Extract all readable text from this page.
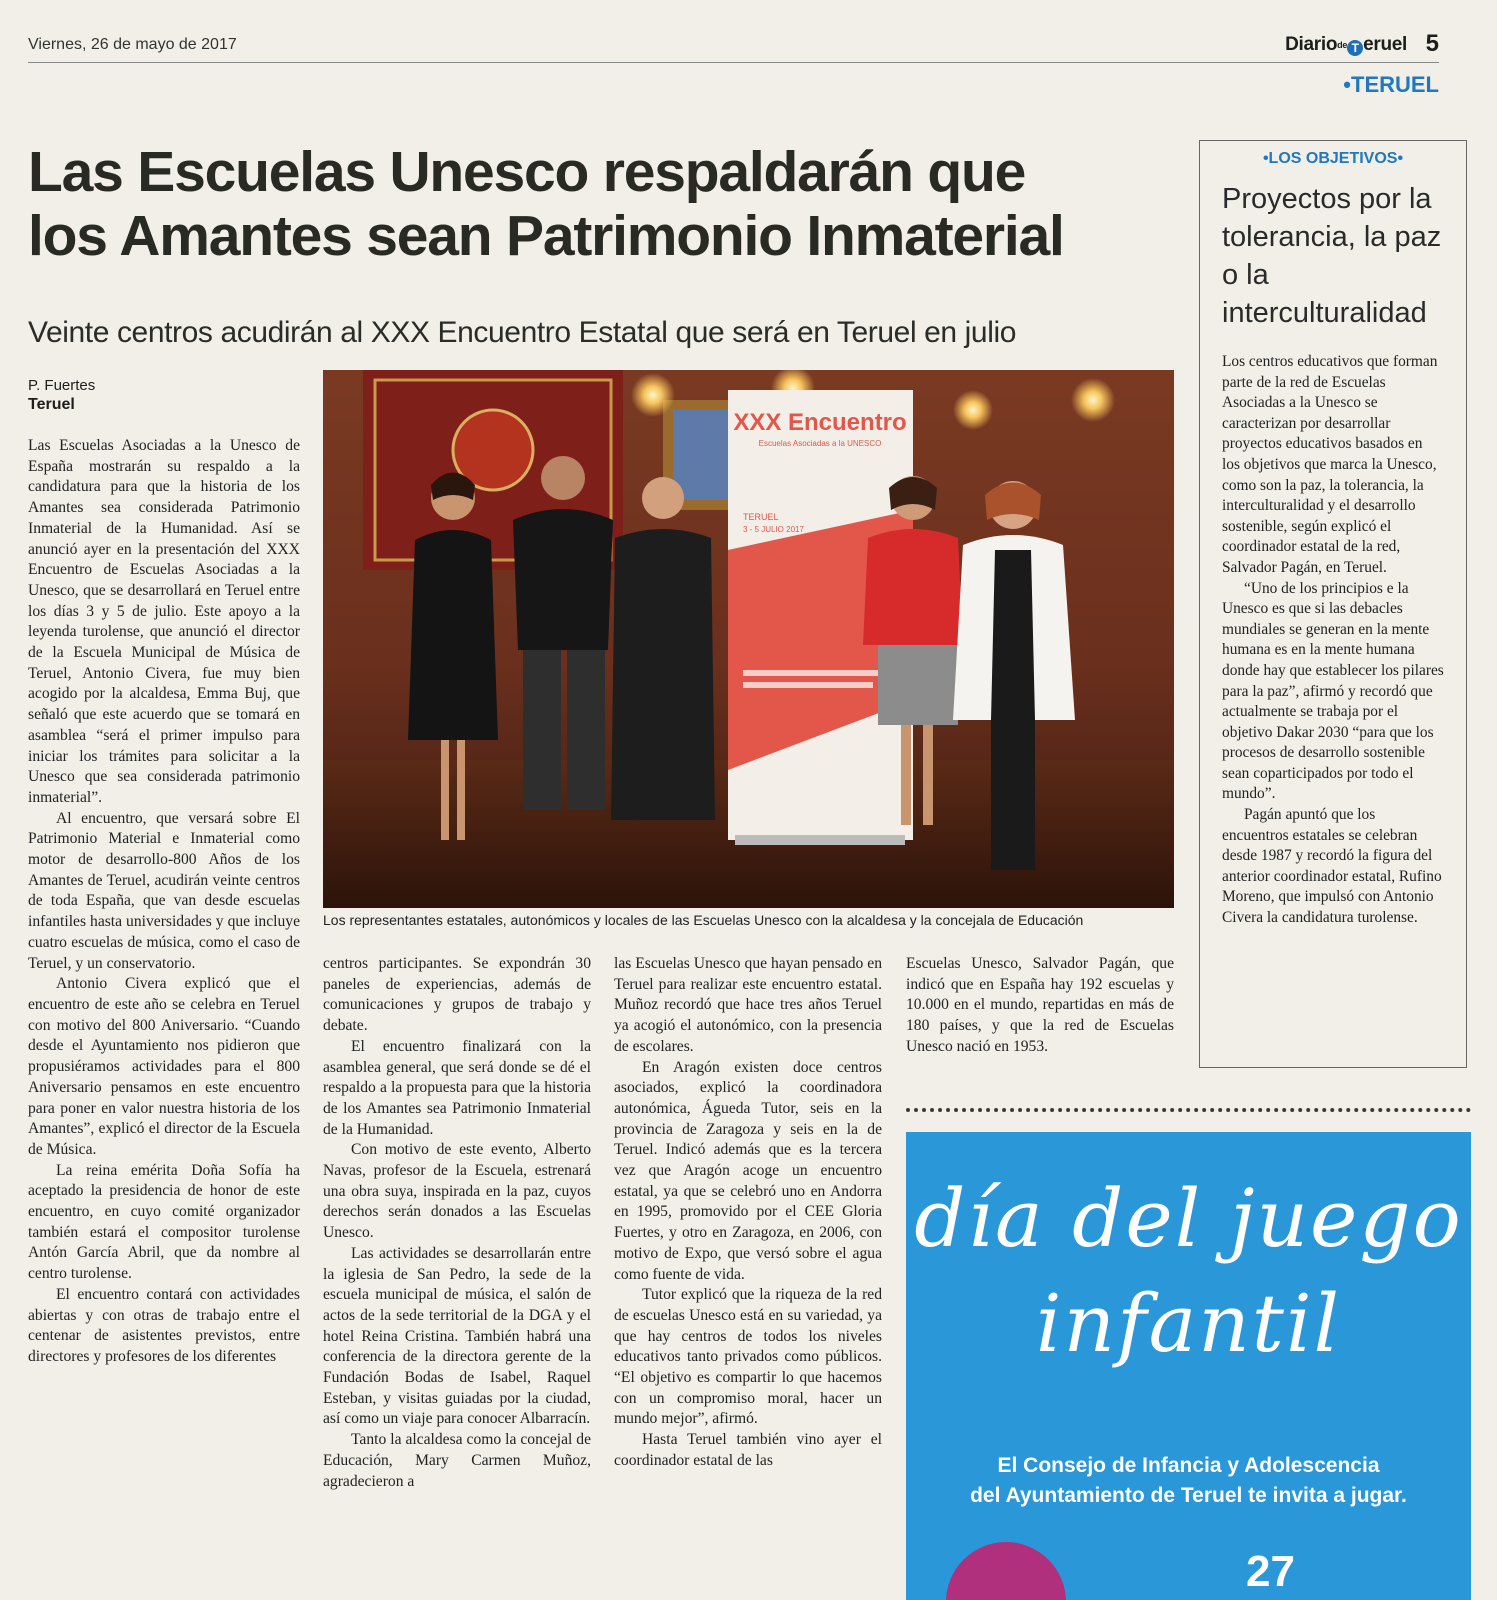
Viernes, 26 de mayo de 2017	Diariode T eruel 5
•TERUEL
Las Escuelas Unesco respaldarán que
los Amantes sean Patrimonio Inmaterial
Veinte centros acudirán al XXX Encuentro Estatal que será en Teruel en julio
P. Fuertes
Teruel
XXX Encuentro
Escuelas Asociadas a la UNESCO
TERUEL
3 - 5 JULIO 2017
Los representantes estatales, autonómicos y locales de las Escuelas Unesco con la alcaldesa y la concejala de Educación

Las Escuelas Asociadas a la Unesco de España mostrarán su respaldo a la candidatura para que la historia de los Amantes sea considerada Patrimonio Inmaterial de la Humanidad. Así se anunció ayer en la presentación del XXX Encuentro de Escuelas Asociadas a la Unesco, que se desarrollará en Teruel entre los días 3 y 5 de julio. Este apoyo a la leyenda turolense, que anunció el director de la Escuela Municipal de Música de Teruel, Antonio Civera, fue muy bien acogido por la alcaldesa, Emma Buj, que señaló que este acuerdo que se tomará en asamblea “será el primer impulso para iniciar los trámites para solicitar a la Unesco que sea considerada patrimonio inmaterial”.

Al encuentro, que versará sobre El Patrimonio Material e Inmaterial como motor de desarrollo-800 Años de los Amantes de Teruel, acudirán veinte centros de toda España, que van desde escuelas infantiles hasta universidades y que incluye cuatro escuelas de música, como el caso de Teruel, y un conservatorio.

Antonio Civera explicó que el encuentro de este año se celebra en Teruel con motivo del 800 Aniversario. “Cuando desde el Ayuntamiento nos pidieron que propusiéramos actividades para el 800 Aniversario pensamos en este encuentro para poner en valor nuestra historia de los Amantes”, explicó el director de la Escuela de Música.

La reina emérita Doña Sofía ha aceptado la presidencia de honor de este encuentro, en cuyo comité organizador también estará el compositor turolense Antón García Abril, que da nombre al centro turolense.

El encuentro contará con actividades abiertas y con otras de trabajo entre el centenar de asistentes previstos, entre directores y profesores de los diferentes

centros participantes. Se expondrán 30 paneles de experiencias, además de comunicaciones y grupos de trabajo y debate.

El encuentro finalizará con la asamblea general, que será donde se dé el respaldo a la propuesta para que la historia de los Amantes sea Patrimonio Inmaterial de la Humanidad.

Con motivo de este evento, Alberto Navas, profesor de la Escuela, estrenará una obra suya, inspirada en la paz, cuyos derechos serán donados a las Escuelas Unesco.

Las actividades se desarrollarán entre la iglesia de San Pedro, la sede de la escuela municipal de música, el salón de actos de la sede territorial de la DGA y el hotel Reina Cristina. También habrá una conferencia de la directora gerente de la Fundación Bodas de Isabel, Raquel Esteban, y visitas guiadas por la ciudad, así como un viaje para conocer Albarracín.

Tanto la alcaldesa como la concejal de Educación, Mary Carmen Muñoz, agradecieron a

las Escuelas Unesco que hayan pensado en Teruel para realizar este encuentro estatal. Muñoz recordó que hace tres años Teruel ya acogió el autonómico, con la presencia de escolares.

En Aragón existen doce centros asociados, explicó la coordinadora autonómica, Águeda Tutor, seis en la provincia de Zaragoza y seis en la de Teruel. Indicó además que es la tercera vez que Aragón acoge un encuentro estatal, ya que se celebró uno en Andorra en 1995, promovido por el CEE Gloria Fuertes, y otro en Zaragoza, en 2006, con motivo de Expo, que versó sobre el agua como fuente de vida.

Tutor explicó que la riqueza de la red de escuelas Unesco está en su variedad, ya que hay centros de todos los niveles educativos tanto privados como públicos. “El objetivo es compartir lo que hacemos con un compromiso moral, hacer un mundo mejor”, afirmó.

Hasta Teruel también vino ayer el coordinador estatal de las

Escuelas Unesco, Salvador Pagán, que indicó que en España hay 192 escuelas y 10.000 en el mundo, repartidas en más de 180 países, y que la red de Escuelas Unesco nació en 1953.

•LOS OBJETIVOS•
Proyectos por la tolerancia, la paz o la interculturalidad

Los centros educativos que forman parte de la red de Escuelas Asociadas a la Unesco se caracterizan por desarrollar proyectos educativos basados en los objetivos que marca la Unesco, como son la paz, la tolerancia, la interculturalidad y el desarrollo sostenible, según explicó el coordinador estatal de la red, Salvador Pagán, en Teruel.

“Uno de los principios e la Unesco es que si las debacles mundiales se generan en la mente humana es en la mente humana donde hay que establecer los pilares para la paz”, afirmó y recordó que actualmente se trabaja por el objetivo Dakar 2030 “para que los procesos de desarrollo sostenible sean coparticipados por todo el mundo”.

Pagán apuntó que los encuentros estatales se celebran desde 1987 y recordó la figura del anterior coordinador estatal, Rufino Moreno, que impulsó con Antonio Civera la candidatura turolense.

día del juego
infantil
El Consejo de Infancia y Adolescencia
del Ayuntamiento de Teruel te invita a jugar.
27
